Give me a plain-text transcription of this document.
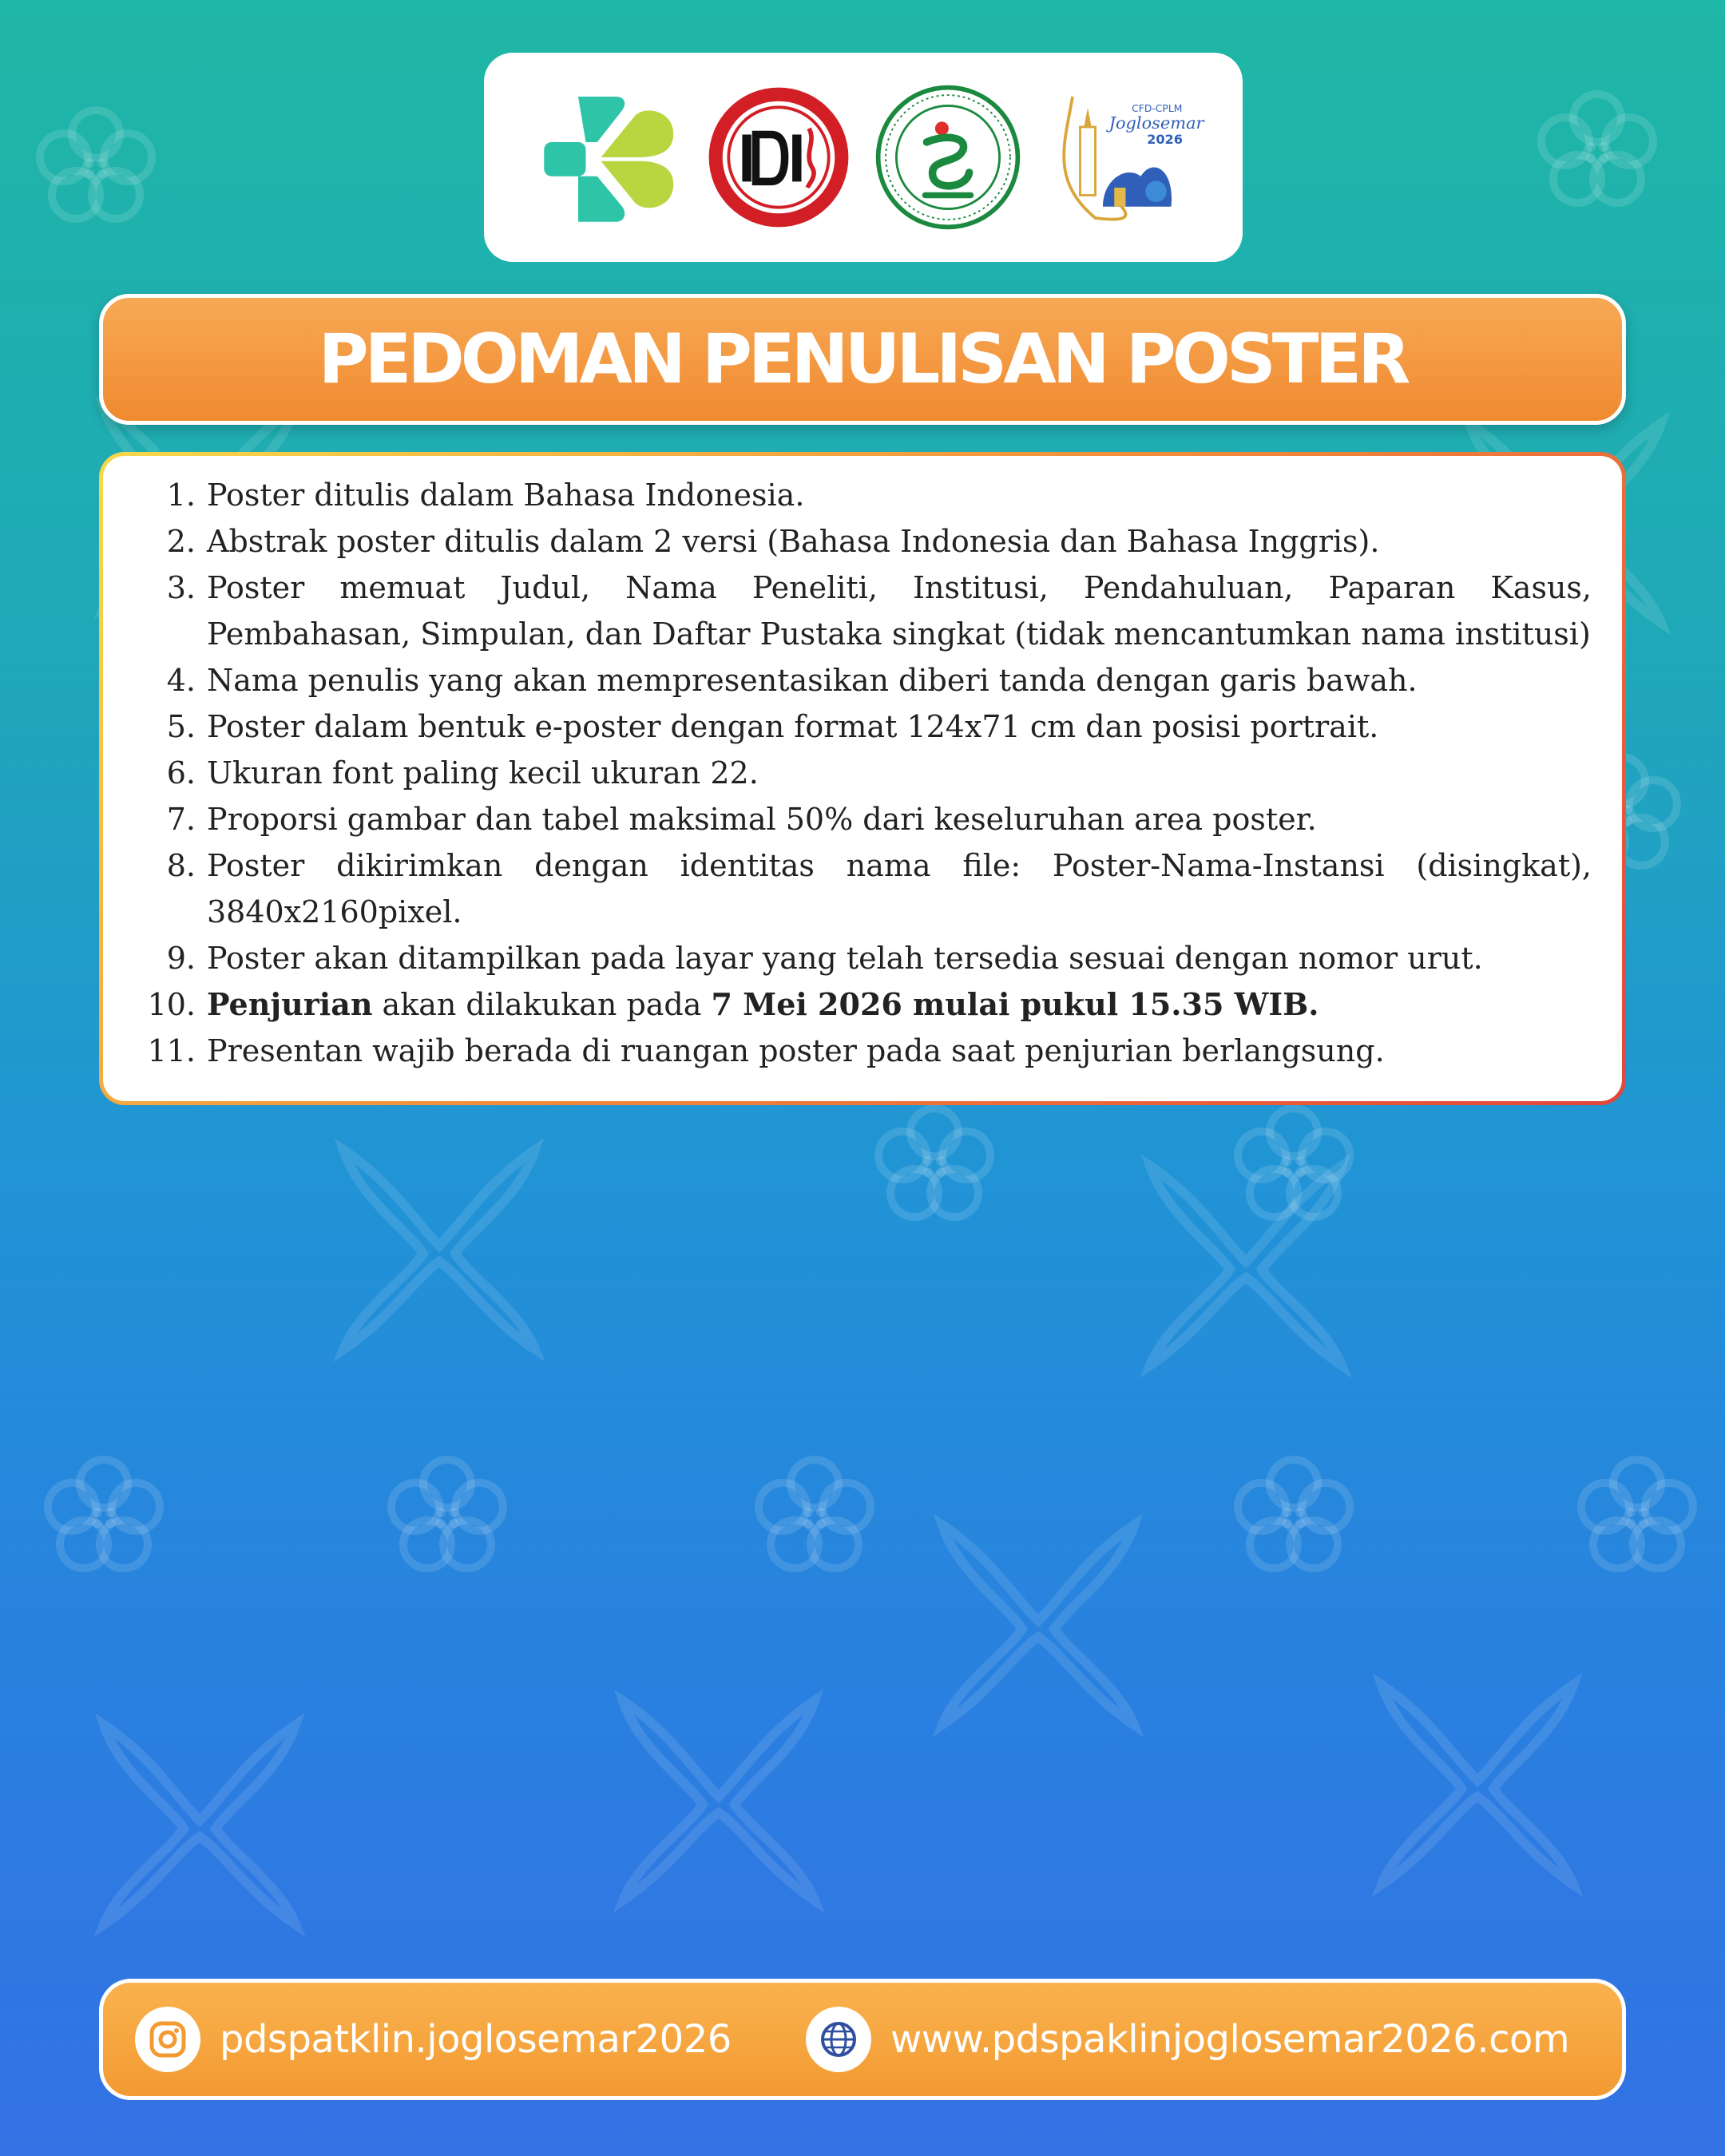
CFD-CPLM
Joglosemar
2026
PEDOMAN PENULISAN POSTER
1. Poster ditulis dalam Bahasa Indonesia.
2. Abstrak poster ditulis dalam 2 versi (Bahasa Indonesia dan Bahasa Inggris).
3. Poster memuat Judul, Nama Peneliti, Institusi, Pendahuluan, Paparan Kasus, Pembahasan, Simpulan, dan Daftar Pustaka singkat (tidak mencantumkan nama institusi)
4. Nama penulis yang akan mempresentasikan diberi tanda dengan garis bawah.
5. Poster dalam bentuk e-poster dengan format 124x71 cm dan posisi portrait.
6. Ukuran font paling kecil ukuran 22.
7. Proporsi gambar dan tabel maksimal 50% dari keseluruhan area poster.
8. Poster dikirimkan dengan identitas nama file: Poster-Nama-Instansi (disingkat), 3840x2160pixel.
9. Poster akan ditampilkan pada layar yang telah tersedia sesuai dengan nomor urut.
10. Penjurian akan dilakukan pada 7 Mei 2026 mulai pukul 15.35 WIB.
11. Presentan wajib berada di ruangan poster pada saat penjurian berlangsung.
pdspatklin.joglosemar2026	www.pdspaklinjoglosemar2026.com
